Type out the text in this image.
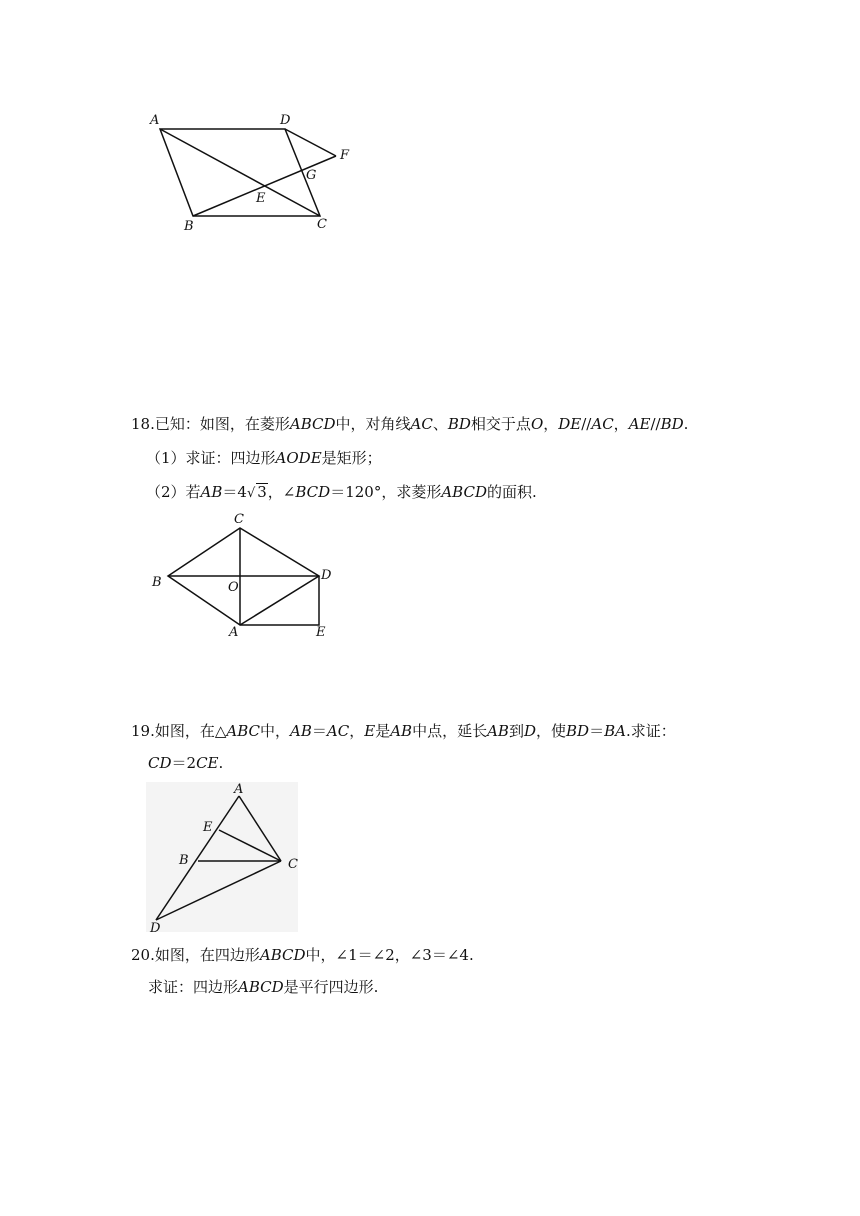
A	D
F
G
E
B	C
18.已知：如图，在菱形ABCD中，对角线AC、BD相交于点O，DE//AC，AE//BD.
（1）求证：四边形AODE是矩形；
（2）若AB＝4√ 3，∠BCD＝120°，求菱形ABCD的面积.
C
B	O
D
A	E
19.如图，在△ABC中，AB＝AC，E是AB中点，延长AB到D，使BD＝BA.求证：
CD＝2CE.
A
E
B	C
D
20.如图，在四边形ABCD中，∠1＝∠2，∠3＝∠4.
求证：四边形ABCD是平行四边形.
